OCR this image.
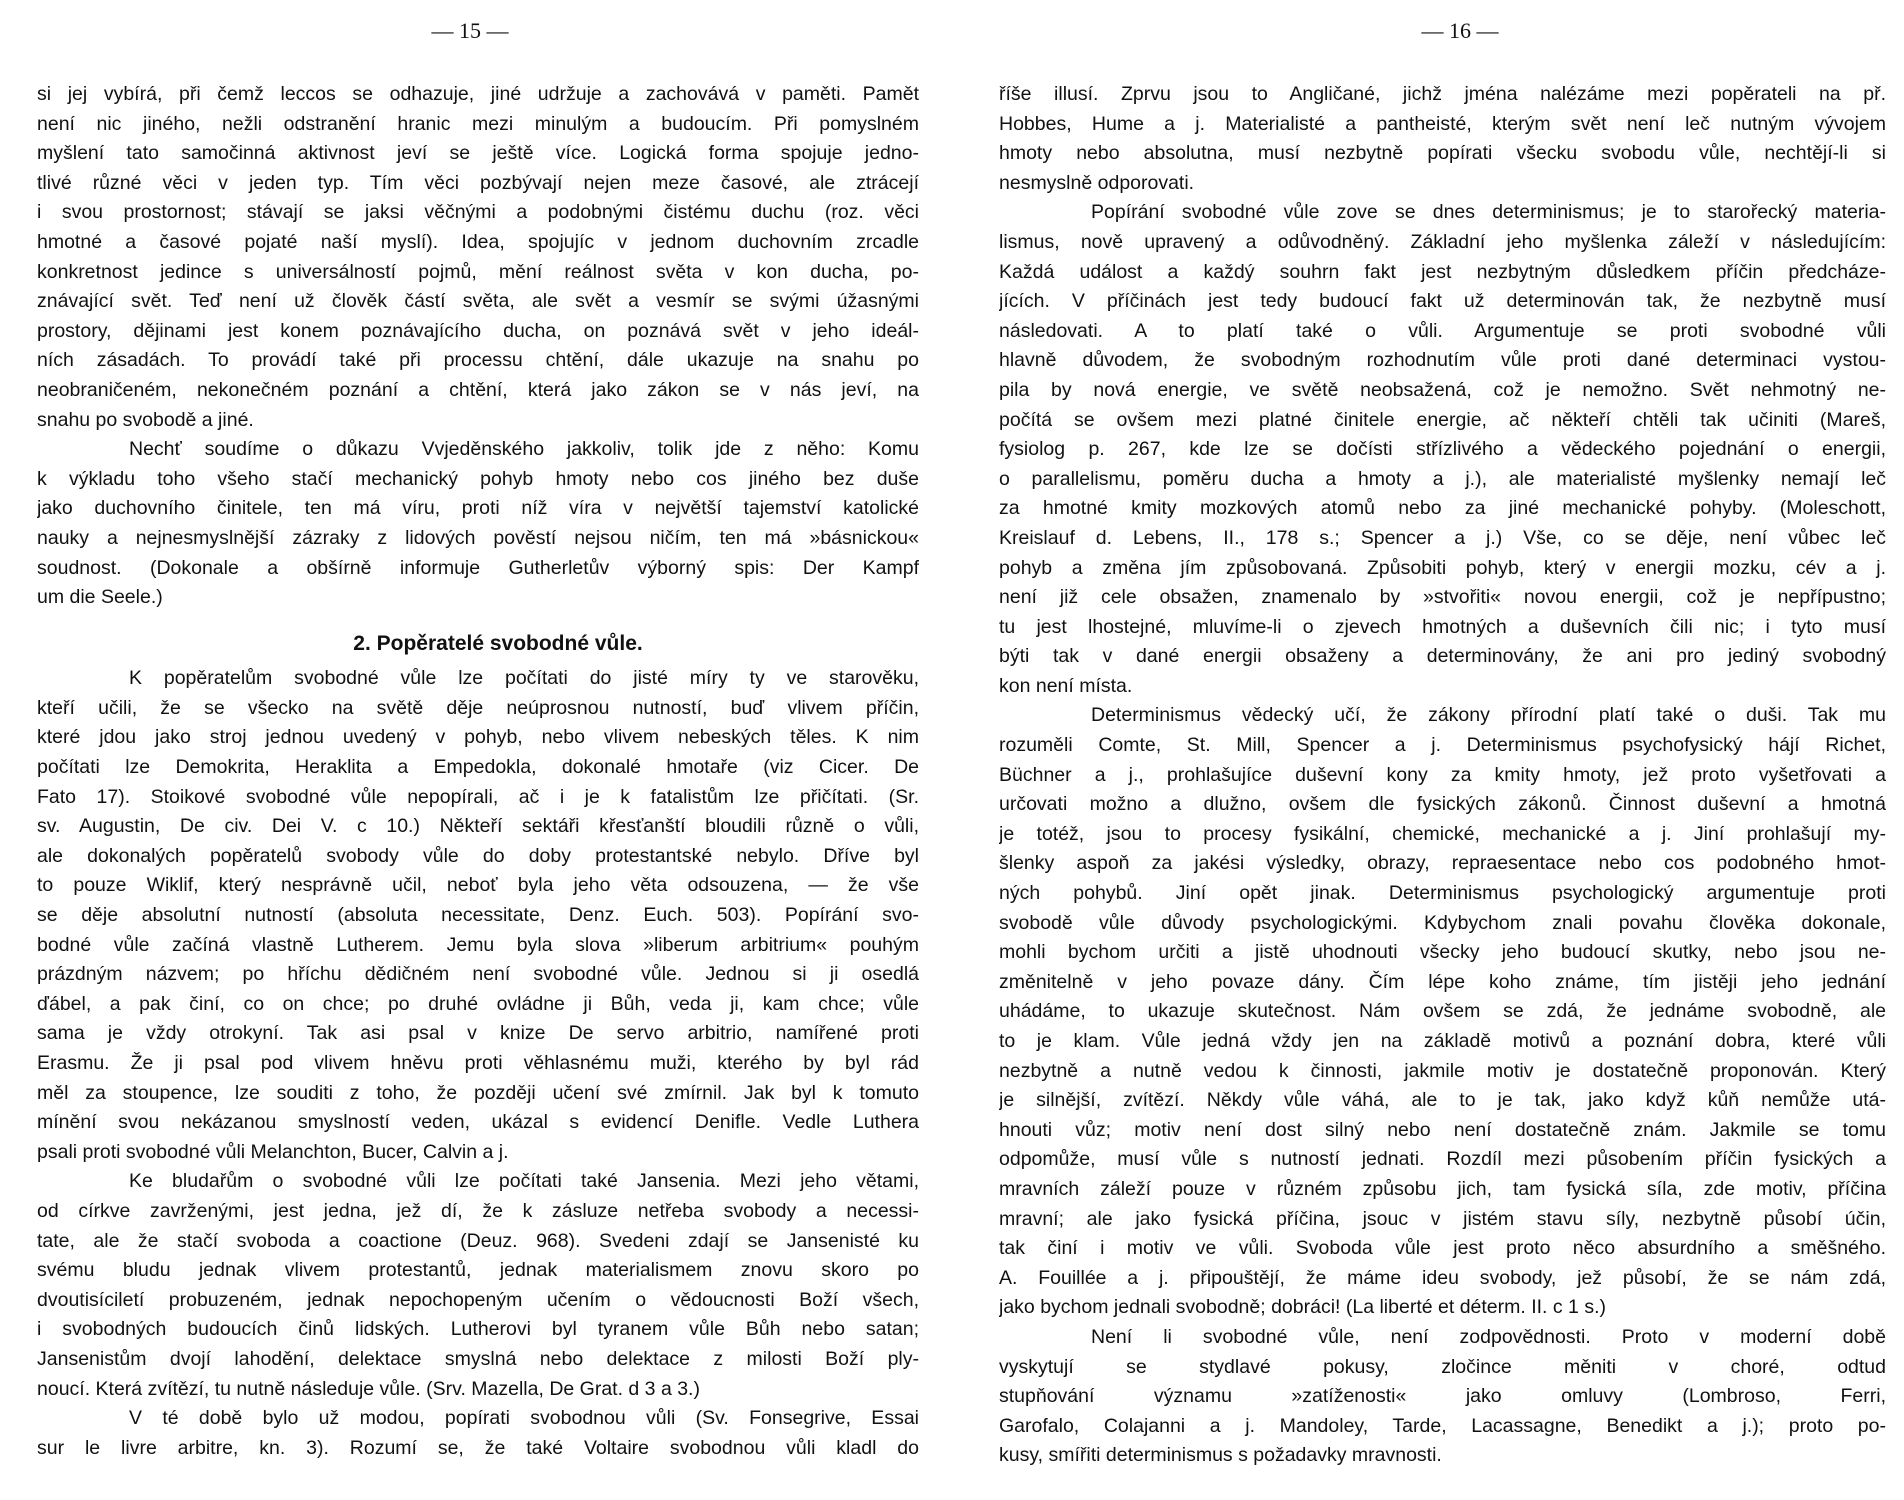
— 15 —	— 16 —
si jej vybírá, při čemž leccos se odhazuje, jiné udržuje a zachovává v paměti. Pamět
není nic jiného, nežli odstranění hranic mezi minulým a budoucím. Při pomyslném
myšlení tato samočinná aktivnost jeví se ještě více. Logická forma spojuje jedno-
tlivé různé věci v jeden typ. Tím věci pozbývají nejen meze časové, ale ztrácejí
i svou prostornost; stávají se jaksi věčnými a podobnými čistému duchu (roz. věci
hmotné a časové pojaté naší myslí). Idea, spojujíc v jednom duchovním zrcadle
konkretnost jedince s universálností pojmů, mění reálnost světa v kon ducha, po-
znávající svět. Teď není už člověk částí světa, ale svět a vesmír se svými úžasnými
prostory, dějinami jest konem poznávajícího ducha, on poznává svět v jeho ideál-
ních zásadách. To provádí také při processu chtění, dále ukazuje na snahu po
neobraničeném, nekonečném poznání a chtění, která jako zákon se v nás jeví, na
snahu po svobodě a jiné.
Nechť soudíme o důkazu Vvjeděnského jakkoliv, tolik jde z něho: Komu
k výkladu toho všeho stačí mechanický pohyb hmoty nebo cos jiného bez duše
jako duchovního činitele, ten má víru, proti níž víra v největší tajemství katolické
nauky a nejnesmyslnější zázraky z lidových pověstí nejsou ničím, ten má »básnickou«
soudnost. (Dokonale a obšírně informuje Gutherletův výborný spis: Der Kampf
um die Seele.)
2. Popěratelé svobodné vůle.
K popěratelům svobodné vůle lze počítati do jisté míry ty ve starověku,
kteří učili, že se všecko na světě děje neúprosnou nutností, buď vlivem příčin,
které jdou jako stroj jednou uvedený v pohyb, nebo vlivem nebeských těles. K nim
počítati lze Demokrita, Heraklita a Empedokla, dokonalé hmotaře (viz Cicer. De
Fato 17). Stoikové svobodné vůle nepopírali, ač i je k fatalistům lze přičítati. (Sr.
sv. Augustin, De civ. Dei V. c 10.) Někteří sektáři křesťanští bloudili různě o vůli,
ale dokonalých popěratelů svobody vůle do doby protestantské nebylo. Dříve byl
to pouze Wiklif, který nesprávně učil, neboť byla jeho věta odsouzena, — že vše
se děje absolutní nutností (absoluta necessitate, Denz. Euch. 503). Popírání svo-
bodné vůle začíná vlastně Lutherem. Jemu byla slova »liberum arbitrium« pouhým
prázdným názvem; po hříchu dědičném není svobodné vůle. Jednou si ji osedlá
ďábel, a pak činí, co on chce; po druhé ovládne ji Bůh, veda ji, kam chce; vůle
sama je vždy otrokyní. Tak asi psal v knize De servo arbitrio, namířené proti
Erasmu. Že ji psal pod vlivem hněvu proti věhlasnému muži, kterého by byl rád
měl za stoupence, lze souditi z toho, že později učení své zmírnil. Jak byl k tomuto
mínění svou nekázanou smyslností veden, ukázal s evidencí Denifle. Vedle Luthera
psali proti svobodné vůli Melanchton, Bucer, Calvin a j.
Ke bludařům o svobodné vůli lze počítati také Jansenia. Mezi jeho větami,
od církve zavrženými, jest jedna, jež dí, že k zásluze netřeba svobody a necessi-
tate, ale že stačí svoboda a coactione (Deuz. 968). Svedeni zdají se Jansenisté ku
svému bludu jednak vlivem protestantů, jednak materialismem znovu skoro po
dvoutisíciletí probuzeném, jednak nepochopeným učením o vědoucnosti Boží všech,
i svobodných budoucích činů lidských. Lutherovi byl tyranem vůle Bůh nebo satan;
Jansenistům dvojí lahodění, delektace smyslná nebo delektace z milosti Boží ply-
noucí. Která zvítězí, tu nutně následuje vůle. (Srv. Mazella, De Grat. d 3 a 3.)
V té době bylo už modou, popírati svobodnou vůli (Sv. Fonsegrive, Essai
sur le livre arbitre, kn. 3). Rozumí se, že také Voltaire svobodnou vůli kladl do
říše illusí. Zprvu jsou to Angličané, jichž jména nalézáme mezi popěrateli na př.
Hobbes, Hume a j. Materialisté a pantheisté, kterým svět není leč nutným vývojem
hmoty nebo absolutna, musí nezbytně popírati všecku svobodu vůle, nechtějí-li si
nesmyslně odporovati.
Popírání svobodné vůle zove se dnes determinismus; je to starořecký materia-
lismus, nově upravený a odůvodněný. Základní jeho myšlenka záleží v následujícím:
Každá událost a každý souhrn fakt jest nezbytným důsledkem příčin předcháze-
jících. V příčinách jest tedy budoucí fakt už determinován tak, že nezbytně musí
následovati. A to platí také o vůli. Argumentuje se proti svobodné vůli
hlavně důvodem, že svobodným rozhodnutím vůle proti dané determinaci vystou-
pila by nová energie, ve světě neobsažená, což je nemožno. Svět nehmotný ne-
počítá se ovšem mezi platné činitele energie, ač někteří chtěli tak učiniti (Mareš,
fysiolog p. 267, kde lze se dočísti střízlivého a vědeckého pojednání o energii,
o parallelismu, poměru ducha a hmoty a j.), ale materialisté myšlenky nemají leč
za hmotné kmity mozkových atomů nebo za jiné mechanické pohyby. (Moleschott,
Kreislauf d. Lebens, II., 178 s.; Spencer a j.) Vše, co se děje, není vůbec leč
pohyb a změna jím způsobovaná. Způsobiti pohyb, který v energii mozku, cév a j.
není již cele obsažen, znamenalo by »stvořiti« novou energii, což je nepřípustno;
tu jest lhostejné, mluvíme-li o zjevech hmotných a duševních čili nic; i tyto musí
býti tak v dané energii obsaženy a determinovány, že ani pro jediný svobodný
kon není místa.
Determinismus vědecký učí, že zákony přírodní platí také o duši. Tak mu
rozuměli Comte, St. Mill, Spencer a j. Determinismus psychofysický hájí Richet,
Büchner a j., prohlašujíce duševní kony za kmity hmoty, jež proto vyšetřovati a
určovati možno a dlužno, ovšem dle fysických zákonů. Činnost duševní a hmotná
je totéž, jsou to procesy fysikální, chemické, mechanické a j. Jiní prohlašují my-
šlenky aspoň za jakési výsledky, obrazy, repraesentace nebo cos podobného hmot-
ných pohybů. Jiní opět jinak. Determinismus psychologický argumentuje proti
svobodě vůle důvody psychologickými. Kdybychom znali povahu člověka dokonale,
mohli bychom určiti a jistě uhodnouti všecky jeho budoucí skutky, nebo jsou ne-
změnitelně v jeho povaze dány. Čím lépe koho známe, tím jistěji jeho jednání
uhádáme, to ukazuje skutečnost. Nám ovšem se zdá, že jednáme svobodně, ale
to je klam. Vůle jedná vždy jen na základě motivů a poznání dobra, které vůli
nezbytně a nutně vedou k činnosti, jakmile motiv je dostatečně proponován. Který
je silnější, zvítězí. Někdy vůle váhá, ale to je tak, jako když kůň nemůže utá-
hnouti vůz; motiv není dost silný nebo není dostatečně znám. Jakmile se tomu
odpomůže, musí vůle s nutností jednati. Rozdíl mezi působením příčin fysických a
mravních záleží pouze v různém způsobu jich, tam fysická síla, zde motiv, příčina
mravní; ale jako fysická příčina, jsouc v jistém stavu síly, nezbytně působí účin,
tak činí i motiv ve vůli. Svoboda vůle jest proto něco absurdního a směšného.
A. Fouillée a j. připouštějí, že máme ideu svobody, jež působí, že se nám zdá,
jako bychom jednali svobodně; dobráci! (La liberté et déterm. II. c 1 s.)
Není li svobodné vůle, není zodpovědnosti. Proto v moderní době
vyskytují se stydlavé pokusy, zločince měniti v choré, odtud
stupňování významu »zatíženosti« jako omluvy (Lombroso, Ferri,
Garofalo, Colajanni a j. Mandoley, Tarde, Lacassagne, Benedikt a j.); proto po-
kusy, smířiti determinismus s požadavky mravnosti.
